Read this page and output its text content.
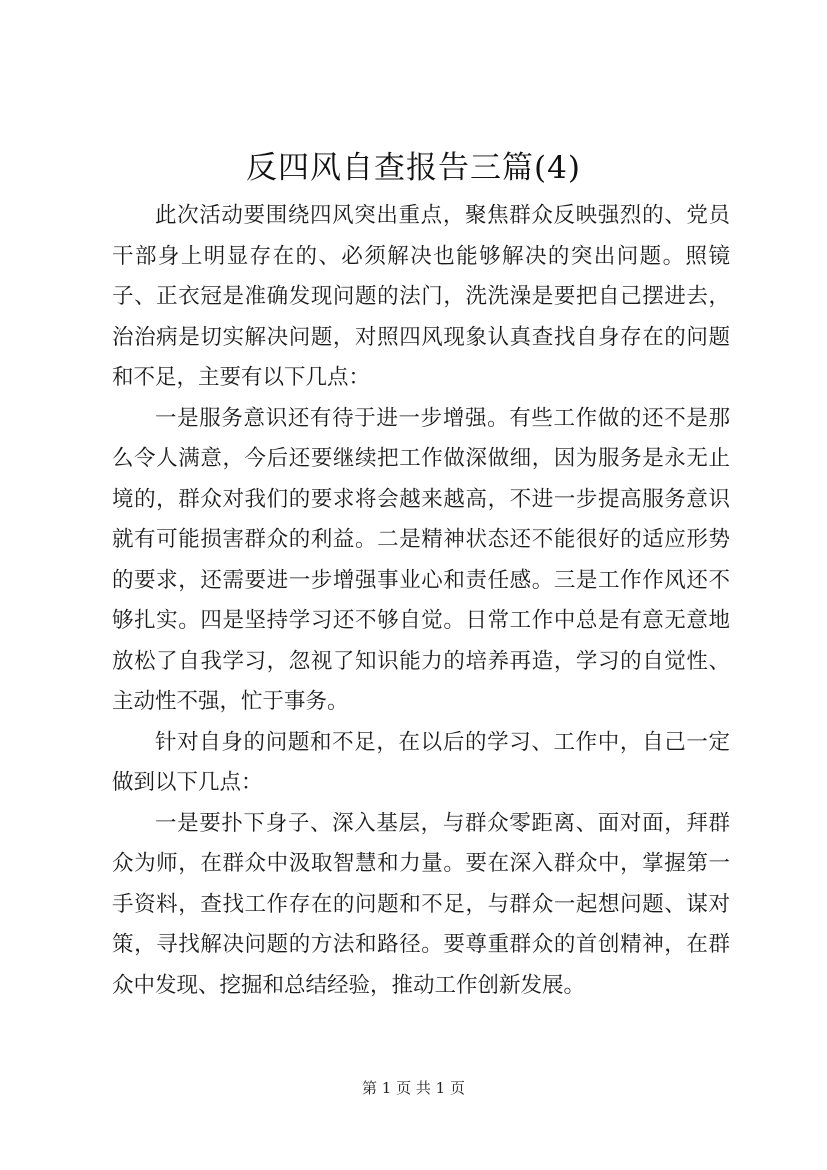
反四风自查报告三篇(4)

此次活动要围绕四风突出重点，聚焦群众反映强烈的、党员干部身上明显存在的、必须解决也能够解决的突出问题。照镜子、正衣冠是准确发现问题的法门，洗洗澡是要把自己摆进去，治治病是切实解决问题，对照四风现象认真查找自身存在的问题和不足，主要有以下几点：

一是服务意识还有待于进一步增强。有些工作做的还不是那么令人满意，今后还要继续把工作做深做细，因为服务是永无止境的，群众对我们的要求将会越来越高，不进一步提高服务意识就有可能损害群众的利益。二是精神状态还不能很好的适应形势的要求，还需要进一步增强事业心和责任感。三是工作作风还不够扎实。四是坚持学习还不够自觉。日常工作中总是有意无意地放松了自我学习，忽视了知识能力的培养再造，学习的自觉性、主动性不强，忙于事务。

针对自身的问题和不足，在以后的学习、工作中，自己一定做到以下几点：

一是要扑下身子、深入基层，与群众零距离、面对面，拜群众为师，在群众中汲取智慧和力量。要在深入群众中，掌握第一手资料，查找工作存在的问题和不足，与群众一起想问题、谋对策，寻找解决问题的方法和路径。要尊重群众的首创精神，在群众中发现、挖掘和总结经验，推动工作创新发展。

第 1 页 共 1 页
